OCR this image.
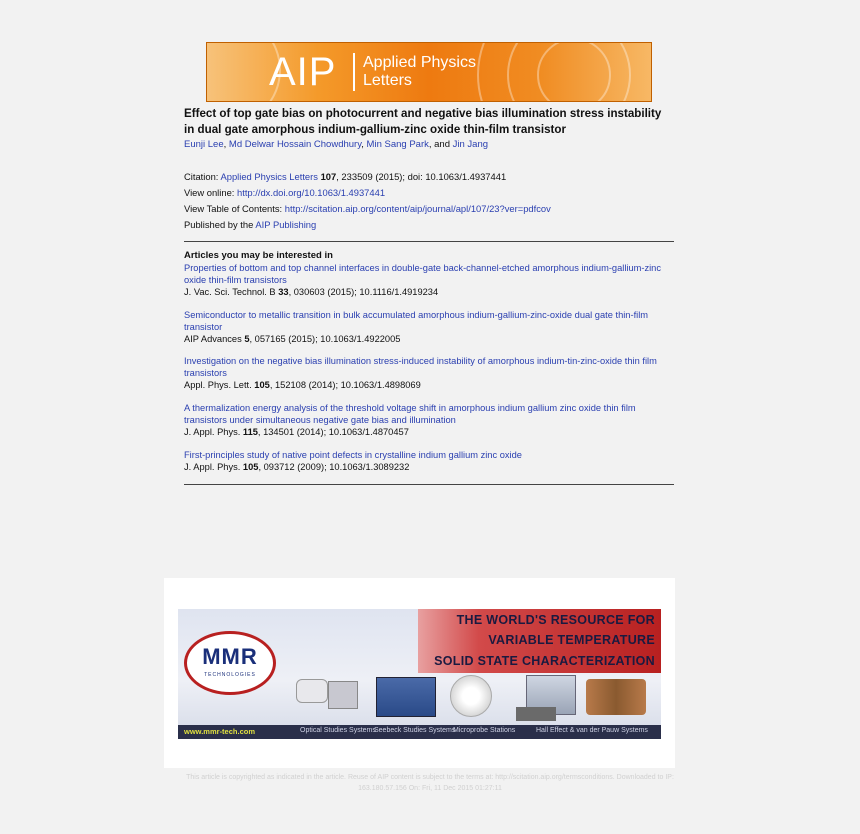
AIP Applied Physics
Letters
Effect of top gate bias on photocurrent and negative bias illumination stress instability in dual gate amorphous indium-gallium-zinc oxide thin-film transistor
Eunji Lee, Md Delwar Hossain Chowdhury, Min Sang Park, and Jin Jang
Citation: Applied Physics Letters 107, 233509 (2015); doi: 10.1063/1.4937441
View online: http://dx.doi.org/10.1063/1.4937441
View Table of Contents: http://scitation.aip.org/content/aip/journal/apl/107/23?ver=pdfcov
Published by the AIP Publishing
Articles you may be interested in
Properties of bottom and top channel interfaces in double-gate back-channel-etched amorphous indium-gallium-zinc oxide thin-film transistors
J. Vac. Sci. Technol. B 33, 030603 (2015); 10.1116/1.4919234
Semiconductor to metallic transition in bulk accumulated amorphous indium-gallium-zinc-oxide dual gate thin-film transistor
AIP Advances 5, 057165 (2015); 10.1063/1.4922005
Investigation on the negative bias illumination stress-induced instability of amorphous indium-tin-zinc-oxide thin film transistors
Appl. Phys. Lett. 105, 152108 (2014); 10.1063/1.4898069
A thermalization energy analysis of the threshold voltage shift in amorphous indium gallium zinc oxide thin film transistors under simultaneous negative gate bias and illumination
J. Appl. Phys. 115, 134501 (2014); 10.1063/1.4870457
First-principles study of native point defects in crystalline indium gallium zinc oxide
J. Appl. Phys. 105, 093712 (2009); 10.1063/1.3089232
THE WORLD'S RESOURCE FOR
VARIABLE TEMPERATURE
SOLID STATE CHARACTERIZATION
MMR
TECHNOLOGIES
www.mmr-tech.com	Optical Studies Systems
Seebeck Studies Systems
Microprobe Stations	Hall Effect & van der Pauw Systems
This article is copyrighted as indicated in the article. Reuse of AIP content is subject to the terms at: http://scitation.aip.org/termsconditions. Downloaded to IP:
163.180.57.156 On: Fri, 11 Dec 2015 01:27:11
